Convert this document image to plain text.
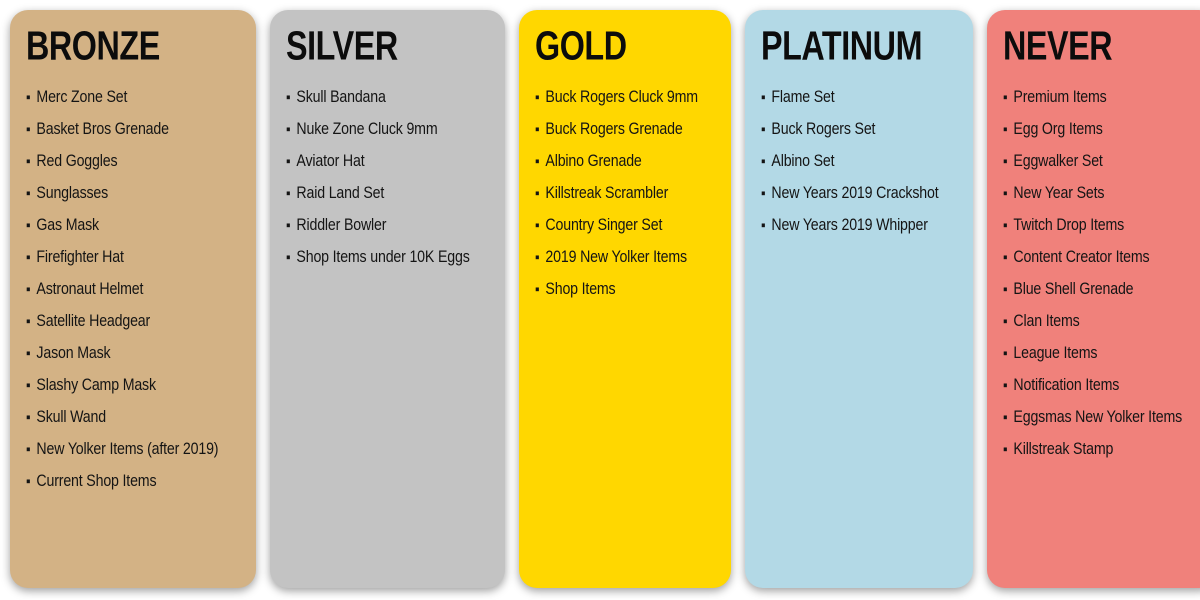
BRONZE
▪ Merc Zone Set
▪ Basket Bros Grenade
▪ Red Goggles
▪ Sunglasses
▪ Gas Mask
▪ Firefighter Hat
▪ Astronaut Helmet
▪ Satellite Headgear
▪ Jason Mask
▪ Slashy Camp Mask
▪ Skull Wand
▪ New Yolker Items (after 2019)
▪ Current Shop Items
SILVER
▪ Skull Bandana
▪ Nuke Zone Cluck 9mm
▪ Aviator Hat
▪ Raid Land Set
▪ Riddler Bowler
▪ Shop Items under 10K Eggs
GOLD
▪ Buck Rogers Cluck 9mm
▪ Buck Rogers Grenade
▪ Albino Grenade
▪ Killstreak Scrambler
▪ Country Singer Set
▪ 2019 New Yolker Items
▪ Shop Items
PLATINUM
▪ Flame Set
▪ Buck Rogers Set
▪ Albino Set
▪ New Years 2019 Crackshot
▪ New Years 2019 Whipper
NEVER
▪ Premium Items
▪ Egg Org Items
▪ Eggwalker Set
▪ New Year Sets
▪ Twitch Drop Items
▪ Content Creator Items
▪ Blue Shell Grenade
▪ Clan Items
▪ League Items
▪ Notification Items
▪ Eggsmas New Yolker Items
▪ Killstreak Stamp
